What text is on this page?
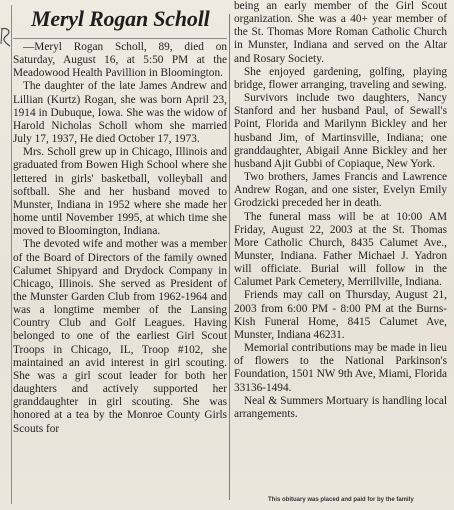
Meryl Rogan Scholl

—Meryl Rogan Scholl, 89, died on Saturday, August 16, at 5:50 PM at the Meadowood Health Pavillion in Bloomington.

The daughter of the late James Andrew and Lillian (Kurtz) Rogan, she was born April 23, 1914 in Dubuque, Iowa. She was the widow of Harold Nicholas Scholl whom she married July 17, 1937, He died October 17, 1973.

Mrs. Scholl grew up in Chicago, Illinois and graduated from Bowen High School where she lettered in girls' basketball, volleyball and softball. She and her husband moved to Munster, Indiana in 1952 where she made her home until November 1995, at which time she moved to Bloomington, Indiana.

The devoted wife and mother was a member of the Board of Directors of the family owned Calumet Shipyard and Drydock Company in Chicago, Illinois. She served as President of the Munster Garden Club from 1962-1964 and was a longtime member of the Lansing Country Club and Golf Leagues. Having belonged to one of the earliest Girl Scout Troops in Chicago, IL, Troop #102, she maintained an avid interest in girl scouting. She was a girl scout leader for both her daughters and actively supported her granddaughter in girl scouting. She was honored at a tea by the Monroe County Girls Scouts for

being an early member of the Girl Scout organization. She was a 40+ year member of the St. Thomas More Roman Catholic Church in Munster, Indiana and served on the Altar and Rosary Society.

She enjoyed gardening, golfing, playing bridge, flower arranging, traveling and sewing.

Survivors include two daughters, Nancy Stanford and her husband Paul, of Sewall's Point, Florida and Marilynn Bickley and her husband Jim, of Martinsville, Indiana; one granddaughter, Abigail Anne Bickley and her husband Ajit Gubbi of Copiaque, New York.

Two brothers, James Francis and Lawrence Andrew Rogan, and one sister, Evelyn Emily Grodzicki preceded her in death.

The funeral mass will be at 10:00 AM Friday, August 22, 2003 at the St. Thomas More Catholic Church, 8435 Calumet Ave., Munster, Indiana. Father Michael J. Yadron will officiate. Burial will follow in the Calumet Park Cemetery, Merrillville, Indiana.

Friends may call on Thursday, August 21, 2003 from 6:00 PM - 8:00 PM at the Burns-Kish Funeral Home, 8415 Calumet Ave, Munster, Indiana 46231.

Memorial contributions may be made in lieu of flowers to the National Parkinson's Foundation, 1501 NW 9th Ave, Miami, Florida 33136-1494.

Neal & Summers Mortuary is handling local arrangements.

This obituary was placed and paid for by the family
